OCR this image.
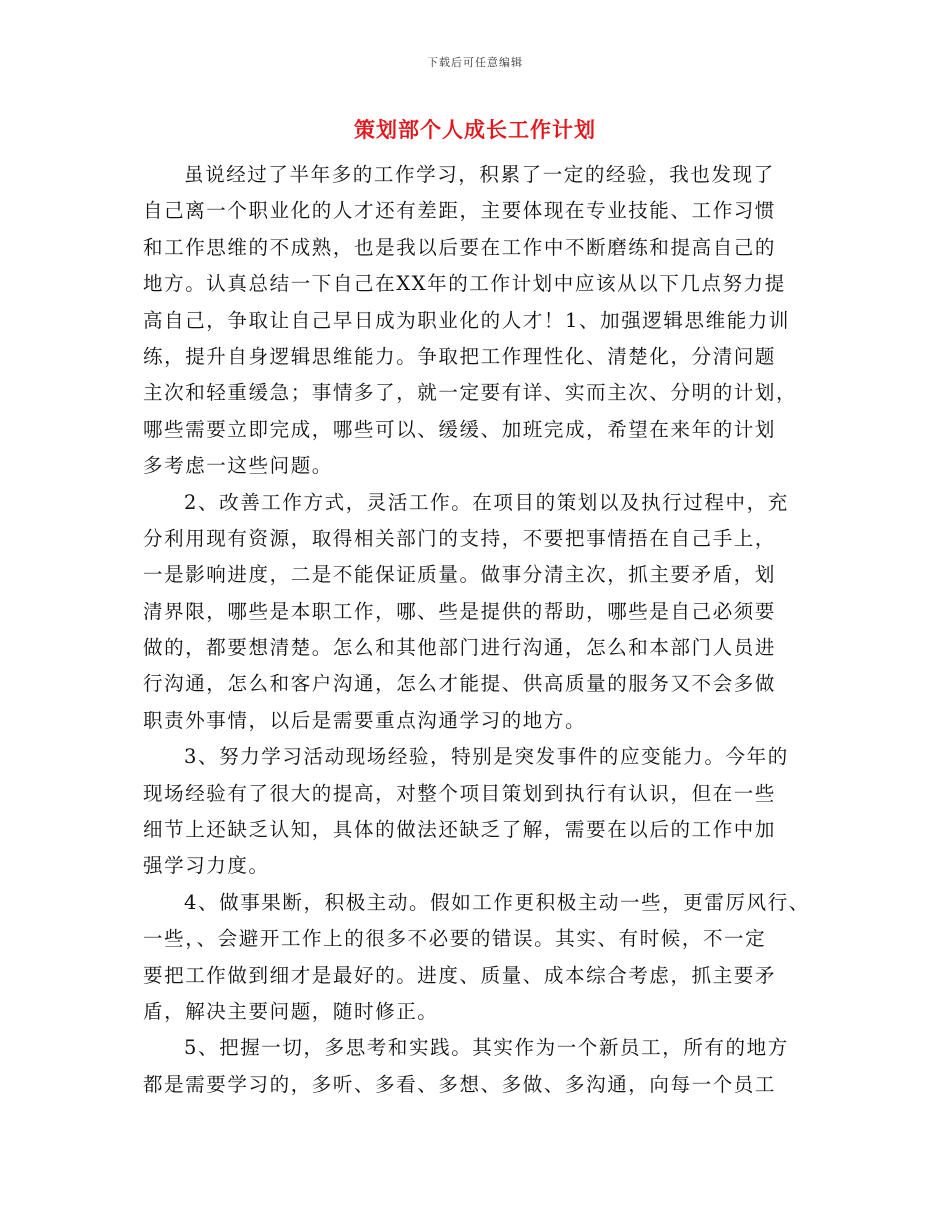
下载后可任意编辑
策划部个人成长工作计划

虽说经过了半年多的工作学习，积累了一定的经验，我也发现了
自己离一个职业化的人才还有差距，主要体现在专业技能、工作习惯
和工作思维的不成熟，也是我以后要在工作中不断磨练和提高自己的
地方。认真总结一下自己在XX年的工作计划中应该从以下几点努力提
高自己，争取让自己早日成为职业化的人才！1、加强逻辑思维能力训
练，提升自身逻辑思维能力。争取把工作理性化、清楚化，分清问题
主次和轻重缓急；事情多了，就一定要有详、实而主次、分明的计划，
哪些需要立即完成，哪些可以、缓缓、加班完成，希望在来年的计划
多考虑一这些问题。

2、改善工作方式，灵活工作。在项目的策划以及执行过程中，充
分利用现有资源，取得相关部门的支持，不要把事情捂在自己手上，
一是影响进度，二是不能保证质量。做事分清主次，抓主要矛盾，划
清界限，哪些是本职工作，哪、些是提供的帮助，哪些是自己必须要
做的，都要想清楚。怎么和其他部门进行沟通，怎么和本部门人员进
行沟通，怎么和客户沟通，怎么才能提、供高质量的服务又不会多做
职责外事情，以后是需要重点沟通学习的地方。

3、努力学习活动现场经验，特别是突发事件的应变能力。今年的
现场经验有了很大的提高，对整个项目策划到执行有认识，但在一些
细节上还缺乏认知，具体的做法还缺乏了解，需要在以后的工作中加
强学习力度。

4、做事果断，积极主动。假如工作更积极主动一些，更雷厉风行、
一些，、会避开工作上的很多不必要的错误。其实、有时候，不一定
要把工作做到细才是最好的。进度、质量、成本综合考虑，抓主要矛
盾，解决主要问题，随时修正。

5、把握一切，多思考和实践。其实作为一个新员工，所有的地方
都是需要学习的，多听、多看、多想、多做、多沟通，向每一个员工
